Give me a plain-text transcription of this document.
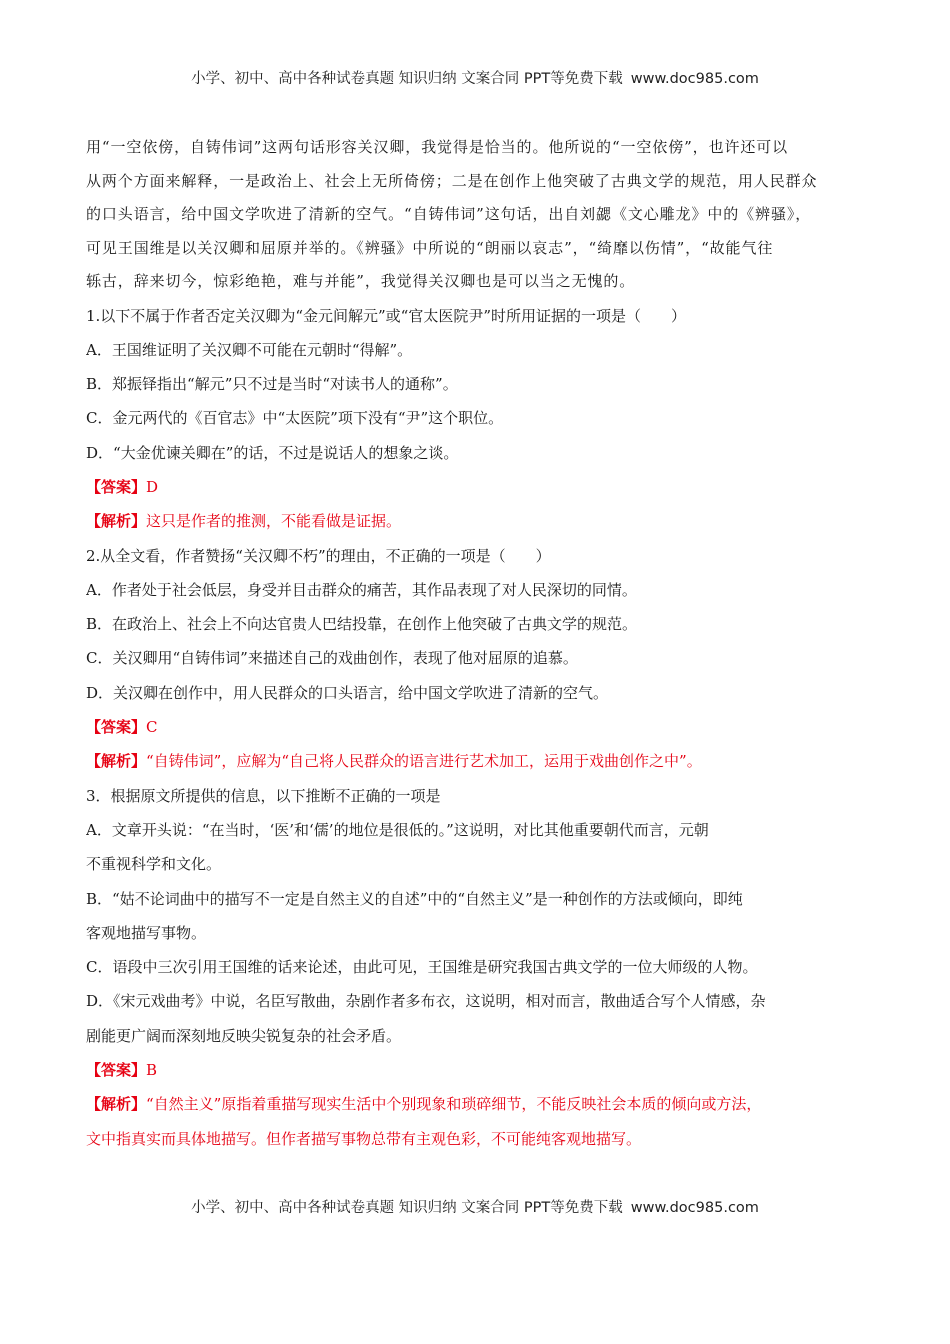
小学、初中、高中各种试卷真题 知识归纳 文案合同 PPT等免费下载 www.doc985.com

用“一空依傍，自铸伟词”这两句话形容关汉卿，我觉得是恰当的。他所说的“一空依傍”，也许还可以

从两个方面来解释，一是政治上、社会上无所倚傍；二是在创作上他突破了古典文学的规范，用人民群众

的口头语言，给中国文学吹进了清新的空气。“自铸伟词”这句话，出自刘勰《文心雕龙》中的《辨骚》，

可见王国维是以关汉卿和屈原并举的。《辨骚》中所说的“朗丽以哀志”，“绮靡以伤情”，“故能气往

轹古，辞来切今，惊彩绝艳，难与并能”，我觉得关汉卿也是可以当之无愧的。

1.以下不属于作者否定关汉卿为“金元间解元”或“官太医院尹”时所用证据的一项是（　　）

A．王国维证明了关汉卿不可能在元朝时“得解”。

B．郑振铎指出“解元”只不过是当时“对读书人的通称”。

C．金元两代的《百官志》中“太医院”项下没有“尹”这个职位。

D．“大金优谏关卿在”的话，不过是说话人的想象之谈。

【答案】D

【解析】这只是作者的推测，不能看做是证据。

2.从全文看，作者赞扬“关汉卿不朽”的理由，不正确的一项是（　　）

A．作者处于社会低层，身受并目击群众的痛苦，其作品表现了对人民深切的同情。

B．在政治上、社会上不向达官贵人巴结投靠，在创作上他突破了古典文学的规范。

C．关汉卿用“自铸伟词”来描述自己的戏曲创作，表现了他对屈原的追慕。

D．关汉卿在创作中，用人民群众的口头语言，给中国文学吹进了清新的空气。

【答案】C

【解析】“自铸伟词”，应解为“自己将人民群众的语言进行艺术加工，运用于戏曲创作之中”。

3．根据原文所提供的信息，以下推断不正确的一项是

A．文章开头说：“在当时，‘医’和‘儒’的地位是很低的。”这说明，对比其他重要朝代而言，元朝

不重视科学和文化。

B．“姑不论词曲中的描写不一定是自然主义的自述”中的“自然主义”是一种创作的方法或倾向，即纯

客观地描写事物。

C．语段中三次引用王国维的话来论述，由此可见，王国维是研究我国古典文学的一位大师级的人物。

D．《宋元戏曲考》中说，名臣写散曲，杂剧作者多布衣，这说明，相对而言，散曲适合写个人情感，杂

剧能更广阔而深刻地反映尖锐复杂的社会矛盾。

【答案】B

【解析】“自然主义”原指着重描写现实生活中个别现象和琐碎细节，不能反映社会本质的倾向或方法，

文中指真实而具体地描写。但作者描写事物总带有主观色彩，不可能纯客观地描写。

小学、初中、高中各种试卷真题 知识归纳 文案合同 PPT等免费下载 www.doc985.com
